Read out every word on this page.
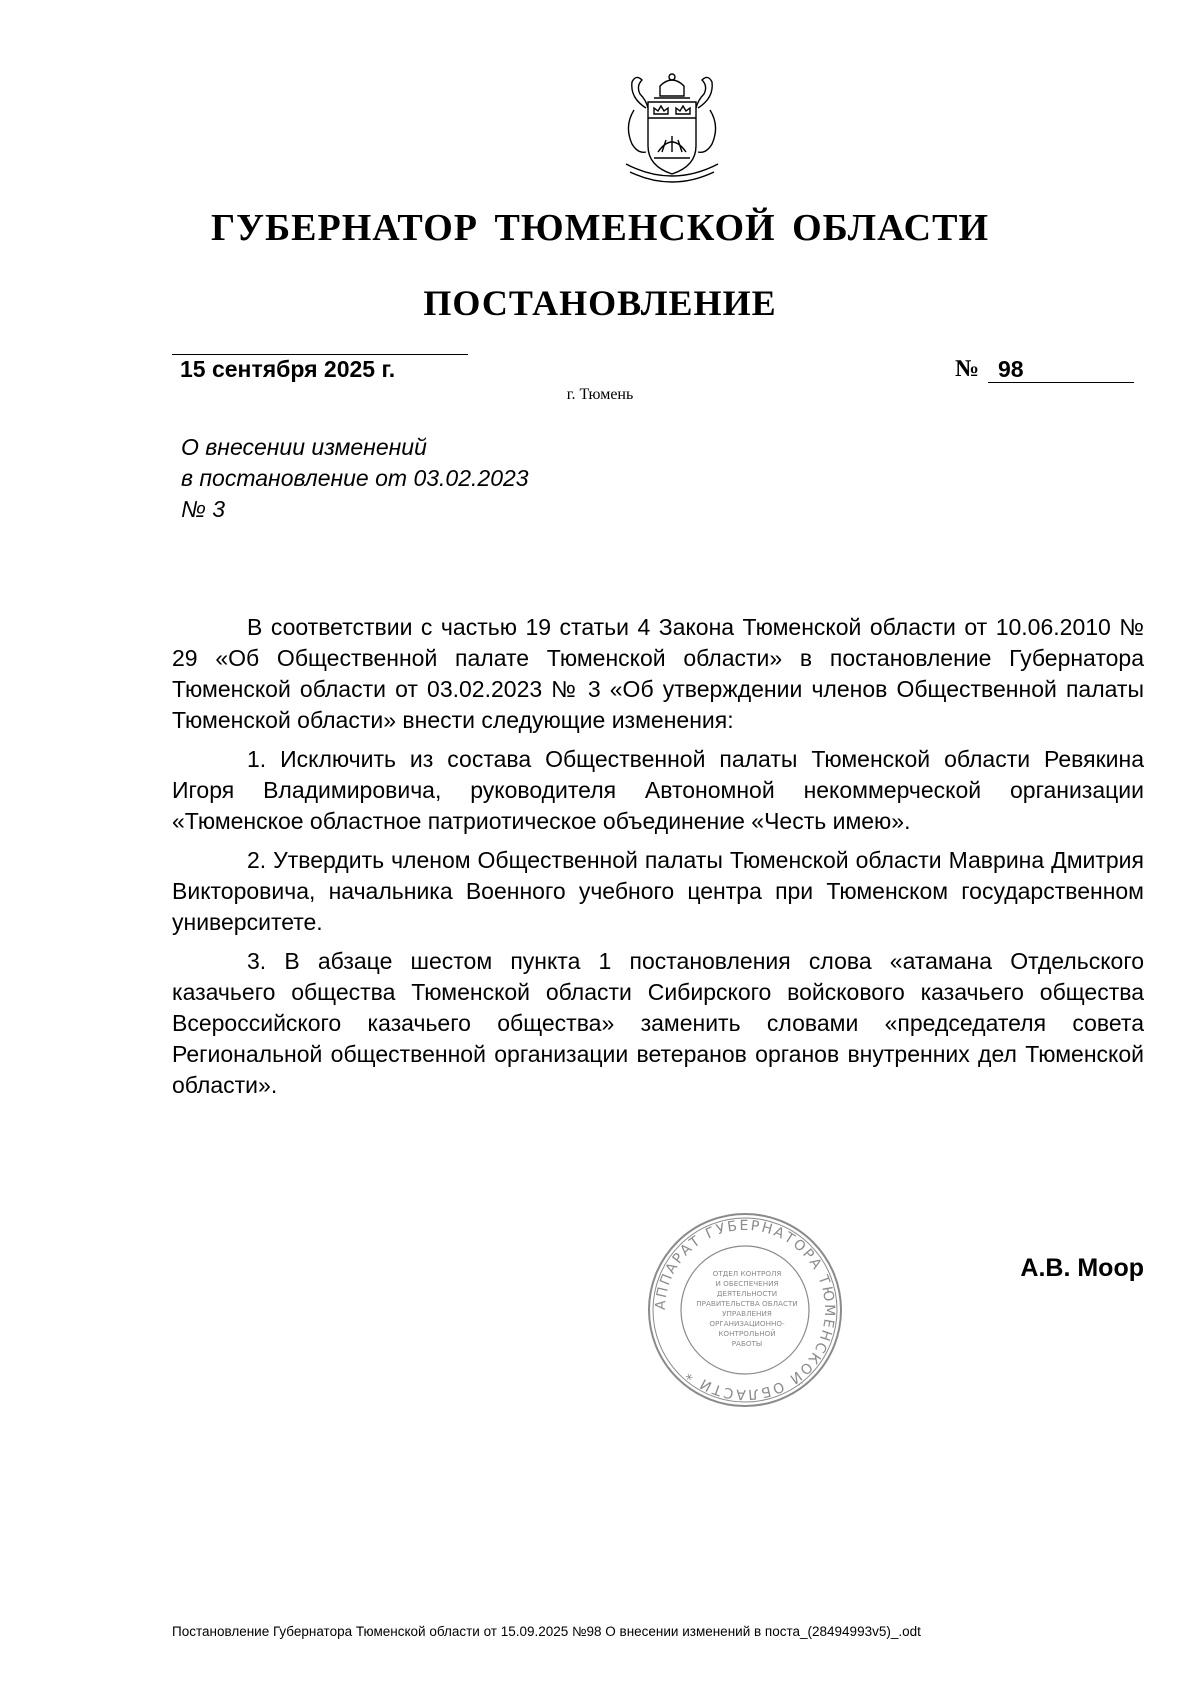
ГУБЕРНАТОР ТЮМЕНСКОЙ ОБЛАСТИ
ПОСТАНОВЛЕНИЕ
15 сентября 2025 г.	№ 98
г. Тюмень
О внесении изменений
в постановление от 03.02.2023
№ 3

В соответствии с частью 19 статьи 4 Закона Тюменской области от 10.06.2010 № 29 «Об Общественной палате Тюменской области» в постановление Губернатора Тюменской области от 03.02.2023 № 3 «Об утверждении членов Общественной палаты Тюменской области» внести следующие изменения:

1. Исключить из состава Общественной палаты Тюменской области Ревякина Игоря Владимировича, руководителя Автономной некоммерческой организации «Тюменское областное патриотическое объединение «Честь имею».

2. Утвердить членом Общественной палаты Тюменской области Маврина Дмитрия Викторовича, начальника Военного учебного центра при Тюменском государственном университете.

3. В абзаце шестом пункта 1 постановления слова «атамана Отдельского казачьего общества Тюменской области Сибирского войскового казачьего общества Всероссийского казачьего общества» заменить словами «председателя совета Региональной общественной организации ветеранов органов внутренних дел Тюменской области».

АППАРАТ ГУБЕРНАТОРА ТЮМЕНСКОЙ ОБЛАСТИ *
ОТДЕЛ КОНТРОЛЯ
И ОБЕСПЕЧЕНИЯ
ДЕЯТЕЛЬНОСТИ
ПРАВИТЕЛЬСТВА ОБЛАСТИ
УПРАВЛЕНИЯ
ОРГАНИЗАЦИОННО-
КОНТРОЛЬНОЙ
РАБОТЫ
А.В. Моор
Постановление Губернатора Тюменской области от 15.09.2025 №98 О внесении изменений в поста_(28494993v5)_.odt
